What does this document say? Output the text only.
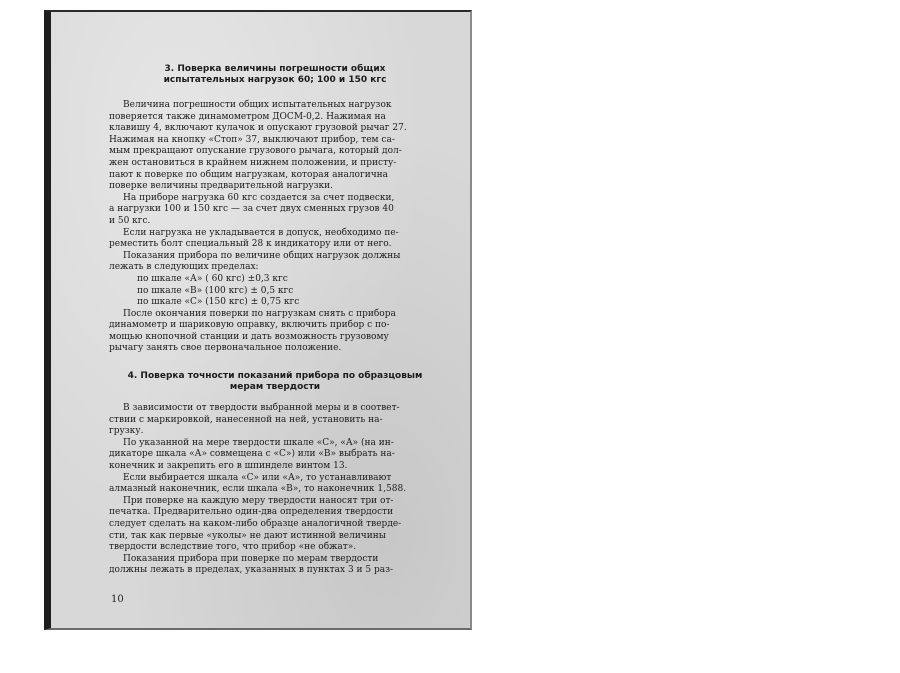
3. Поверка величины погрешности общих
испытательных нагрузок 60; 100 и 150 кгс
Величина погрешности общих испытательных нагрузок
поверяется также динамометром ДОСМ-0,2. Нажимая на
клавишу 4, включают кулачок и опускают грузовой рычаг 27.
Нажимая на кнопку «Стоп» 37, выключают прибор, тем са-
мым прекращают опускание грузового рычага, который дол-
жен остановиться в крайнем нижнем положении, и присту-
пают к поверке по общим нагрузкам, которая аналогична
поверке величины предварительной нагрузки.
На приборе нагрузка 60 кгс создается за счет подвески,
а нагрузки 100 и 150 кгс — за счет двух сменных грузов 40
и 50 кгс.
Если нагрузка не укладывается в допуск, необходимо пе-
реместить болт специальный 28 к индикатору или от него.
Показания прибора по величине общих нагрузок должны
лежать в следующих пределах:
по шкале «А» ( 60 кгс) ±0,3 кгс
по шкале «В» (100 кгс) ± 0,5 кгс
по шкале «С» (150 кгс) ± 0,75 кгс
После окончания поверки по нагрузкам снять с прибора
динамометр и шариковую оправку, включить прибор с по-
мощью кнопочной станции и дать возможность грузовому
рычагу занять свое первоначальное положение.
4. Поверка точности показаний прибора по образцовым
мерам твердости
В зависимости от твердости выбранной меры и в соответ-
ствии с маркировкой, нанесенной на ней, установить на-
грузку.
По указанной на мере твердости шкале «С», «А» (на ин-
дикаторе шкала «А» совмещена с «С») или «В» выбрать на-
конечник и закрепить его в шпинделе винтом 13.
Если выбирается шкала «С» или «А», то устанавливают
алмазный наконечник, если шкала «В», то наконечник 1,588.
При поверке на каждую меру твердости наносят три от-
печатка. Предварительно один-два определения твердости
следует сделать на каком-либо образце аналогичной тверде-
сти, так как первые «уколы» не дают истинной величины
твердости вследствие того, что прибор «не обжат».
Показания прибора при поверке по мерам твердости
должны лежать в пределах, указанных в пунктах 3 и 5 раз-
10
